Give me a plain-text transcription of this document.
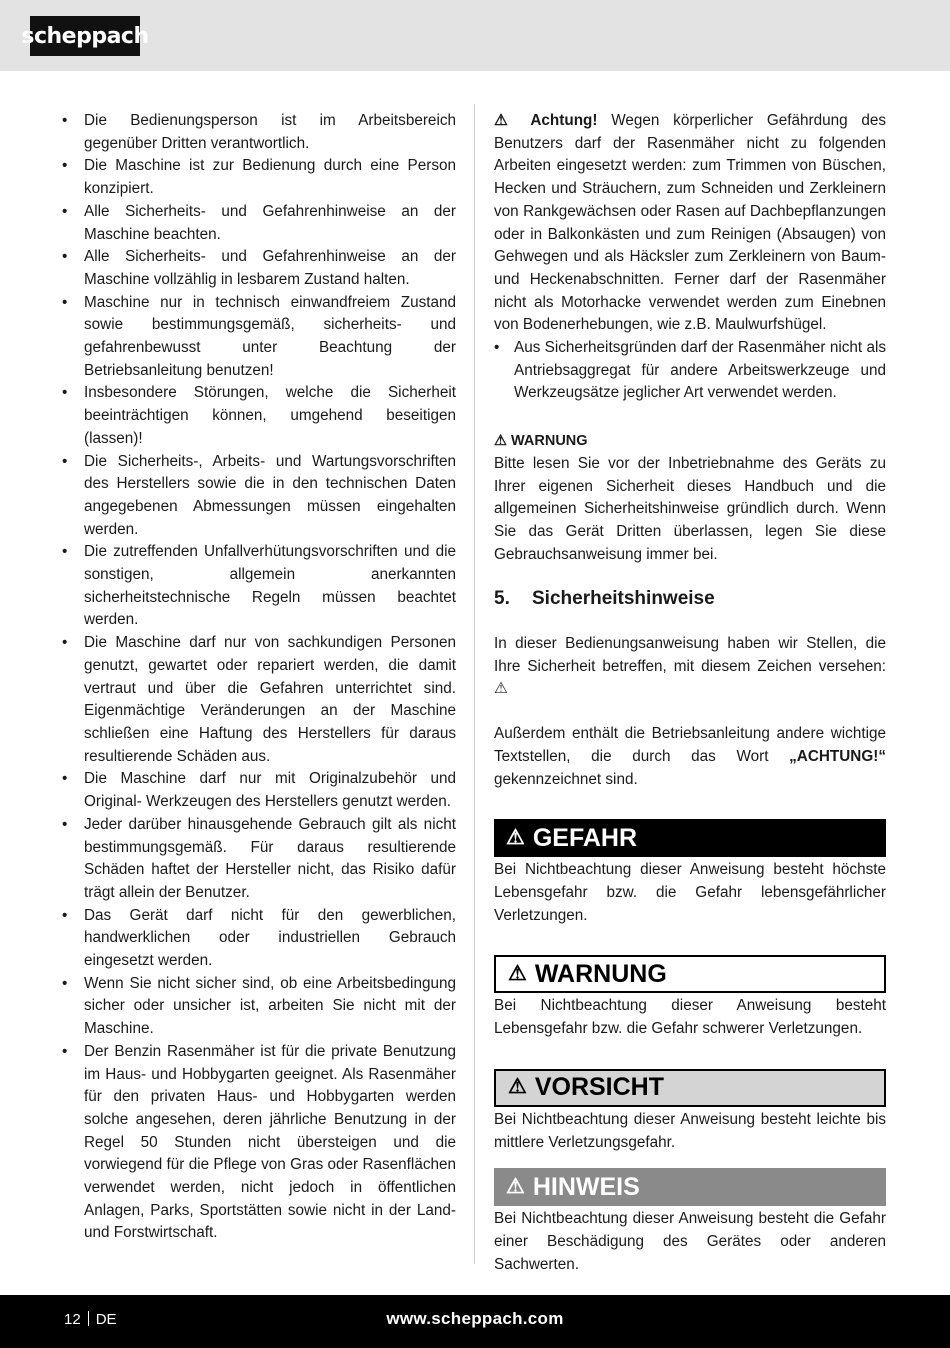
scheppach
• Die Bedienungsperson ist im Arbeitsbereich gegenüber Dritten verantwortlich.
• Die Maschine ist zur Bedienung durch eine Person konzipiert.
• Alle Sicherheits- und Gefahrenhinweise an der Maschine beachten.
• Alle Sicherheits- und Gefahrenhinweise an der Maschine vollzählig in lesbarem Zustand halten.
• Maschine nur in technisch einwandfreiem Zustand sowie bestimmungsgemäß, sicherheits- und gefahrenbewusst unter Beachtung der Betriebsanleitung benutzen!
• Insbesondere Störungen, welche die Sicherheit beeinträchtigen können, umgehend beseitigen (lassen)!
• Die Sicherheits-, Arbeits- und Wartungsvorschriften des Herstellers sowie die in den technischen Daten angegebenen Abmessungen müssen eingehalten werden.
• Die zutreffenden Unfallverhütungsvorschriften und die sonstigen, allgemein anerkannten sicherheitstechnische Regeln müssen beachtet werden.
• Die Maschine darf nur von sachkundigen Personen genutzt, gewartet oder repariert werden, die damit vertraut und über die Gefahren unterrichtet sind. Eigenmächtige Veränderungen an der Maschine schließen eine Haftung des Herstellers für daraus resultierende Schäden aus.
• Die Maschine darf nur mit Originalzubehör und Original- Werkzeugen des Herstellers genutzt werden.
• Jeder darüber hinausgehende Gebrauch gilt als nicht bestimmungsgemäß. Für daraus resultierende Schäden haftet der Hersteller nicht, das Risiko dafür trägt allein der Benutzer.
• Das Gerät darf nicht für den gewerblichen, handwerklichen oder industriellen Gebrauch eingesetzt werden.
• Wenn Sie nicht sicher sind, ob eine Arbeitsbedingung sicher oder unsicher ist, arbeiten Sie nicht mit der Maschine.
• Der Benzin Rasenmäher ist für die private Benutzung im Haus- und Hobbygarten geeignet. Als Rasenmäher für den privaten Haus- und Hobbygarten werden solche angesehen, deren jährliche Benutzung in der Regel 50 Stunden nicht übersteigen und die vorwiegend für die Pflege von Gras oder Rasenflächen verwendet werden, nicht jedoch in öffentlichen Anlagen, Parks, Sportstätten sowie nicht in der Land- und Forstwirtschaft.

⚠ Achtung! Wegen körperlicher Gefährdung des Benutzers darf der Rasenmäher nicht zu folgenden Arbeiten eingesetzt werden: zum Trimmen von Büschen, Hecken und Sträuchern, zum Schneiden und Zerkleinern von Rankgewächsen oder Rasen auf Dachbepflanzungen oder in Balkonkästen und zum Reinigen (Absaugen) von Gehwegen und als Häcksler zum Zerkleinern von Baum- und Heckenabschnitten. Ferner darf der Rasenmäher nicht als Motorhacke verwendet werden zum Einebnen von Bodenerhebungen, wie z.B. Maulwurfshügel.

• Aus Sicherheitsgründen darf der Rasenmäher nicht als Antriebsaggregat für andere Arbeitswerkzeuge und Werkzeugsätze jeglicher Art verwendet werden.
⚠ WARNUNG

Bitte lesen Sie vor der Inbetriebnahme des Geräts zu Ihrer eigenen Sicherheit dieses Handbuch und die allgemeinen Sicherheitshinweise gründlich durch. Wenn Sie das Gerät Dritten überlassen, legen Sie diese Gebrauchsanweisung immer bei.

5. Sicherheitshinweise

In dieser Bedienungsanweisung haben wir Stellen, die Ihre Sicherheit betreffen, mit diesem Zeichen versehen: ⚠

Außerdem enthält die Betriebsanleitung andere wichtige Textstellen, die durch das Wort „ACHTUNG!“ gekennzeichnet sind.

⚠ GEFAHR

Bei Nichtbeachtung dieser Anweisung besteht höchste Lebensgefahr bzw. die Gefahr lebensgefährlicher Verletzungen.

⚠ WARNUNG

Bei Nichtbeachtung dieser Anweisung besteht Lebensgefahr bzw. die Gefahr schwerer Verletzungen.

⚠ VORSICHT

Bei Nichtbeachtung dieser Anweisung besteht leichte bis mittlere Verletzungsgefahr.

⚠ HINWEIS

Bei Nichtbeachtung dieser Anweisung besteht die Gefahr einer Beschädigung des Gerätes oder anderen Sachwerten.

12 DE	www.scheppach.com
